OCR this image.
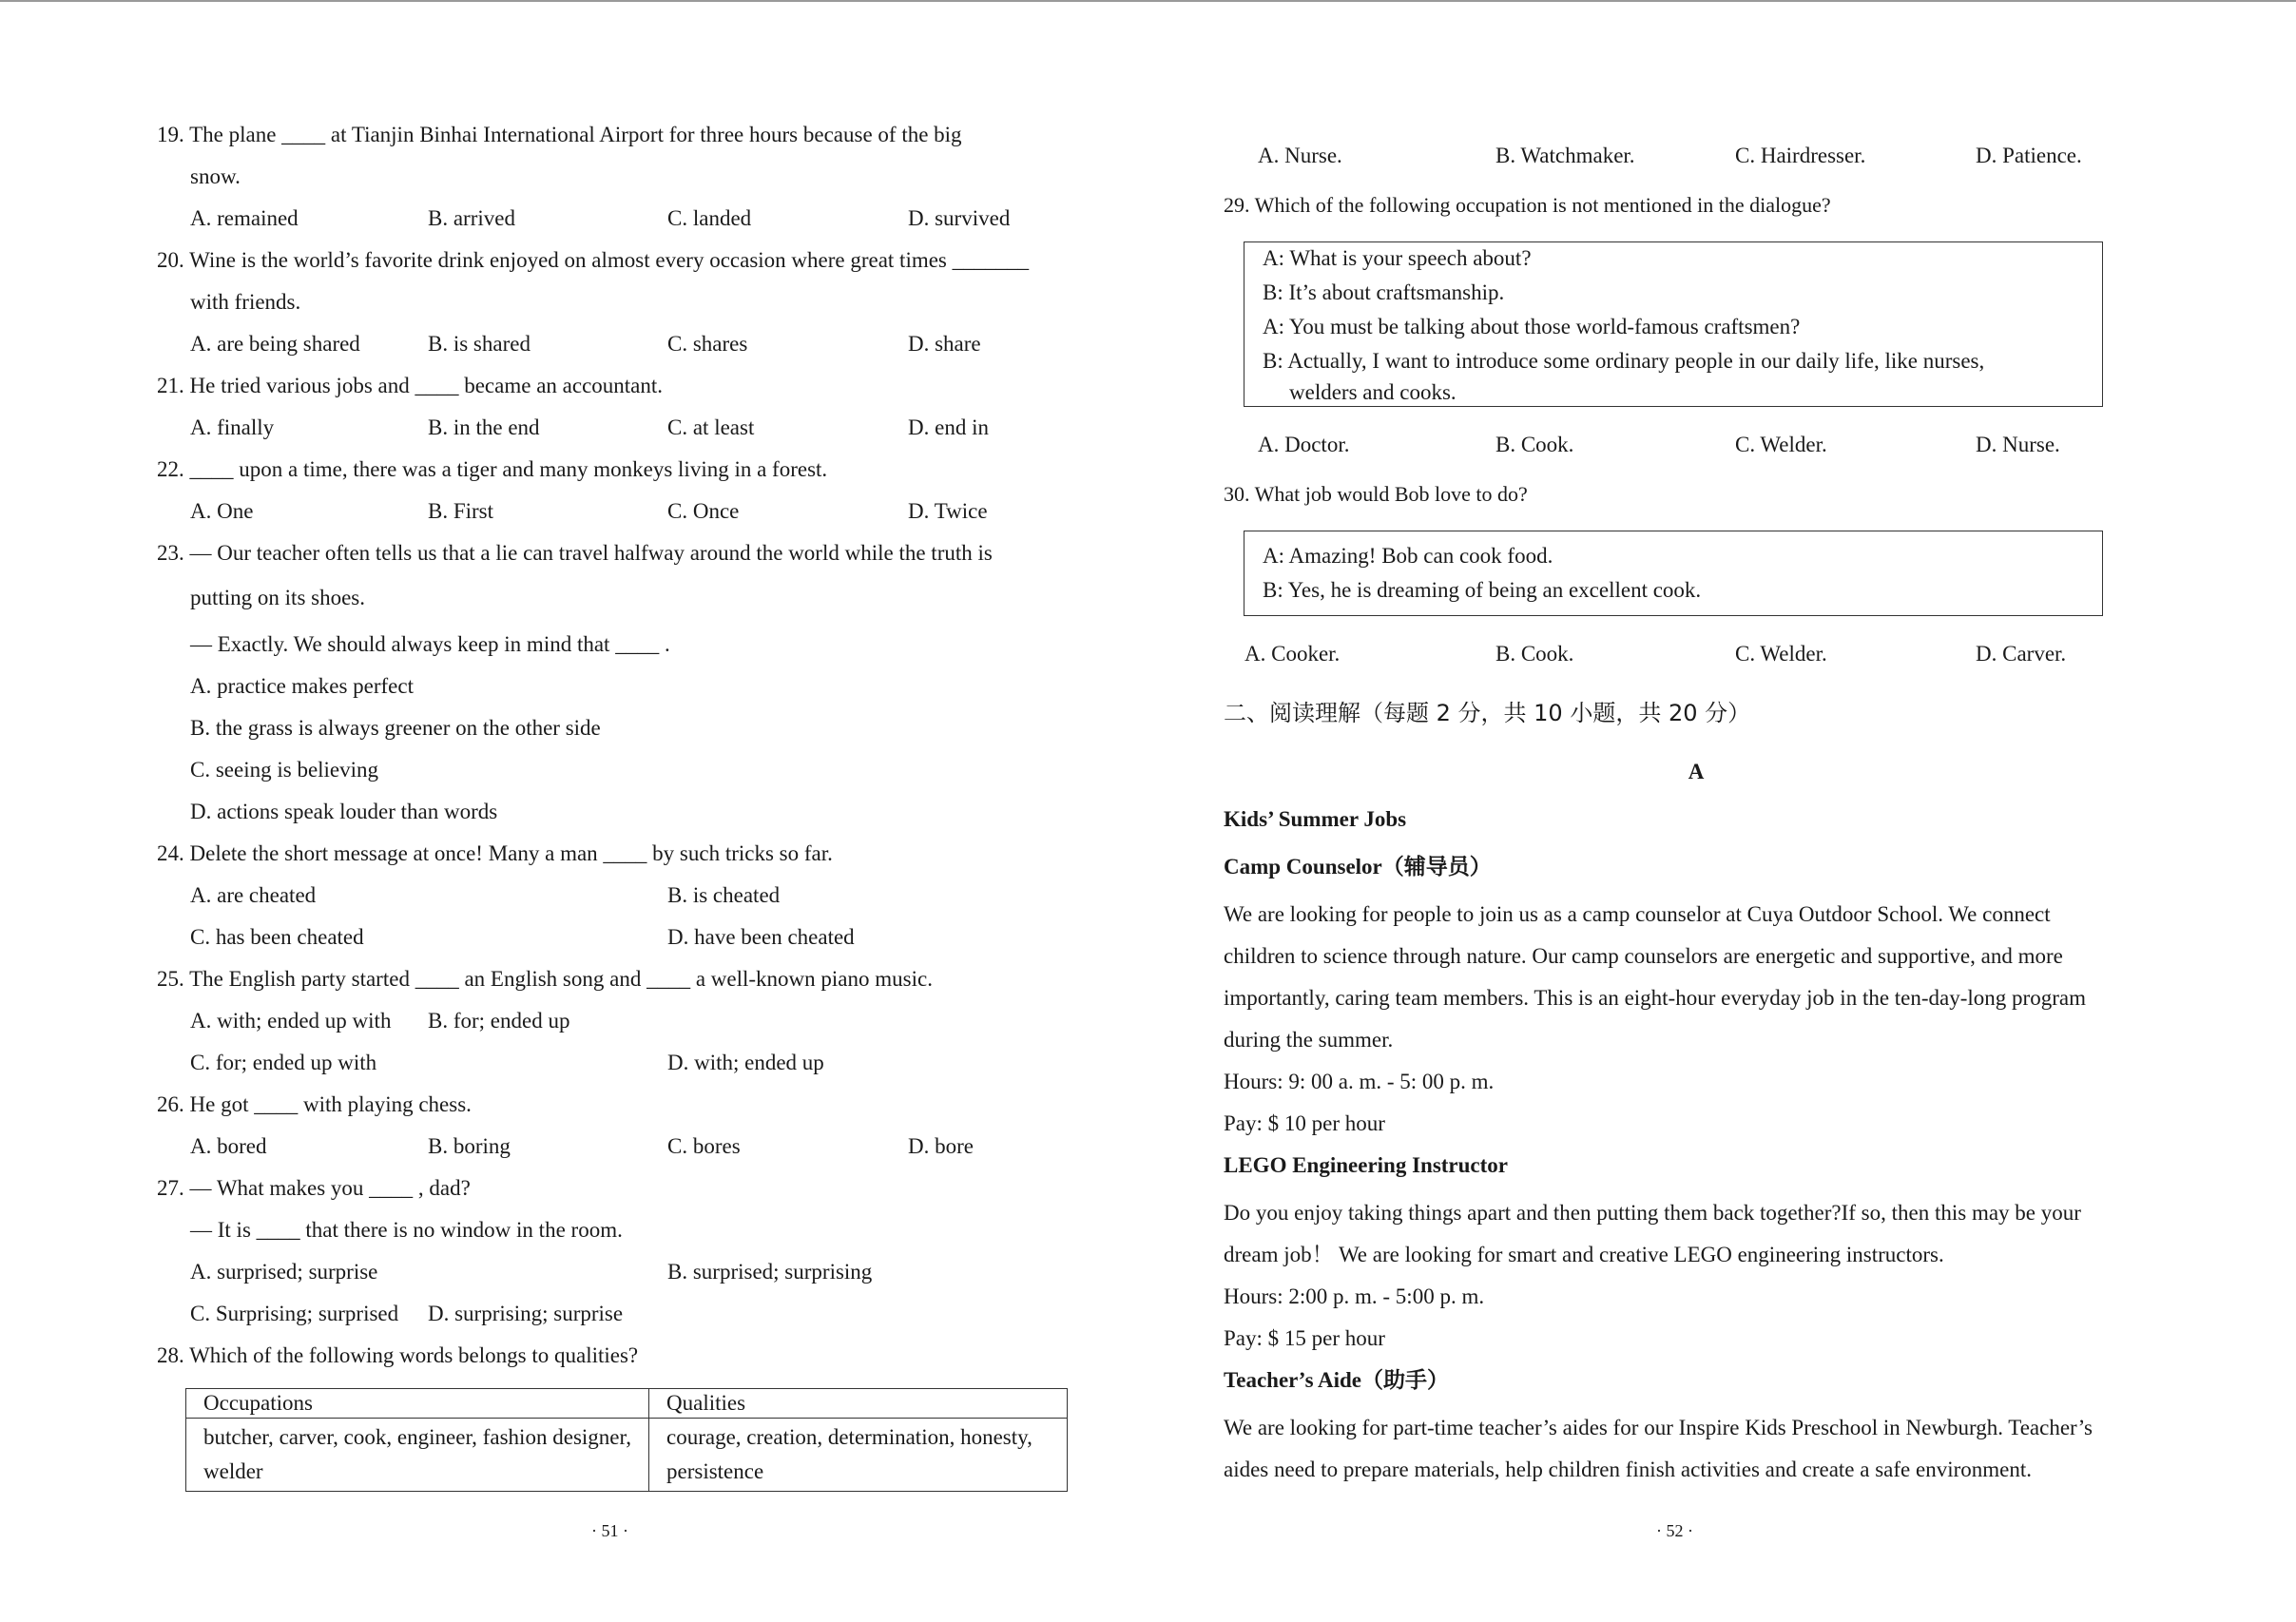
19. The plane ____ at Tianjin Binhai International Airport for three hours because of the big
snow.
A. remained	B. arrived	C. landed	D. survived
20. Wine is the world’s favorite drink enjoyed on almost every occasion where great times _______
with friends.
A. are being shared	B. is shared	C. shares	D. share
21. He tried various jobs and ____ became an accountant.
A. finally	B. in the end	C. at least	D. end in
22. ____ upon a time, there was a tiger and many monkeys living in a forest.
A. One	B. First	C. Once	D. Twice
23. — Our teacher often tells us that a lie can travel halfway around the world while the truth is
putting on its shoes.
— Exactly. We should always keep in mind that ____ .
A. practice makes perfect
B. the grass is always greener on the other side
C. seeing is believing
D. actions speak louder than words
24. Delete the short message at once! Many a man ____ by such tricks so far.
A. are cheated	B. is cheated
C. has been cheated	D. have been cheated
25. The English party started ____ an English song and ____ a well-known piano music.
A. with; ended up with B. for; ended up
C. for; ended up with	D. with; ended up
26. He got ____ with playing chess.
A. bored	B. boring	C. bores	D. bore
27. — What makes you ____ , dad?
— It is ____ that there is no window in the room.
A. surprised; surprise	B. surprised; surprising
C. Surprising; surprised D. surprising; surprise
28. Which of the following words belongs to qualities?
Occupations	Qualities
butcher, carver, cook, engineer, fashion designer, welder	courage, creation, determination, honesty, persistence
· 51 ·
A. Nurse.	B. Watchmaker.	C. Hairdresser.	D. Patience.
29. Which of the following occupation is not mentioned in the dialogue?
A: What is your speech about?
B: It’s about craftsmanship.
A: You must be talking about those world-famous craftsmen?
B: Actually, I want to introduce some ordinary people in our daily life, like nurses,
welders and cooks.
A. Doctor.	B. Cook.	C. Welder.	D. Nurse.
30. What job would Bob love to do?
A: Amazing! Bob can cook food.
B: Yes, he is dreaming of being an excellent cook.
A. Cooker.	B. Cook.	C. Welder.	D. Carver.
二、阅读理解（每题 2 分，共 10 小题，共 20 分）
A
Kids’ Summer Jobs
Camp Counselor（辅导员）
We are looking for people to join us as a camp counselor at Cuya Outdoor School. We connect
children to science through nature. Our camp counselors are energetic and supportive, and more
importantly, caring team members. This is an eight-hour everyday job in the ten-day-long program
during the summer.
Hours: 9: 00 a. m. - 5: 00 p. m.
Pay: $ 10 per hour
LEGO Engineering Instructor
Do you enjoy taking things apart and then putting them back together?If so, then this may be your
dream job！ We are looking for smart and creative LEGO engineering instructors.
Hours: 2:00 p. m. - 5:00 p. m.
Pay: $ 15 per hour
Teacher’s Aide（助手）
We are looking for part-time teacher’s aides for our Inspire Kids Preschool in Newburgh. Teacher’s
aides need to prepare materials, help children finish activities and create a safe environment.
· 52 ·
